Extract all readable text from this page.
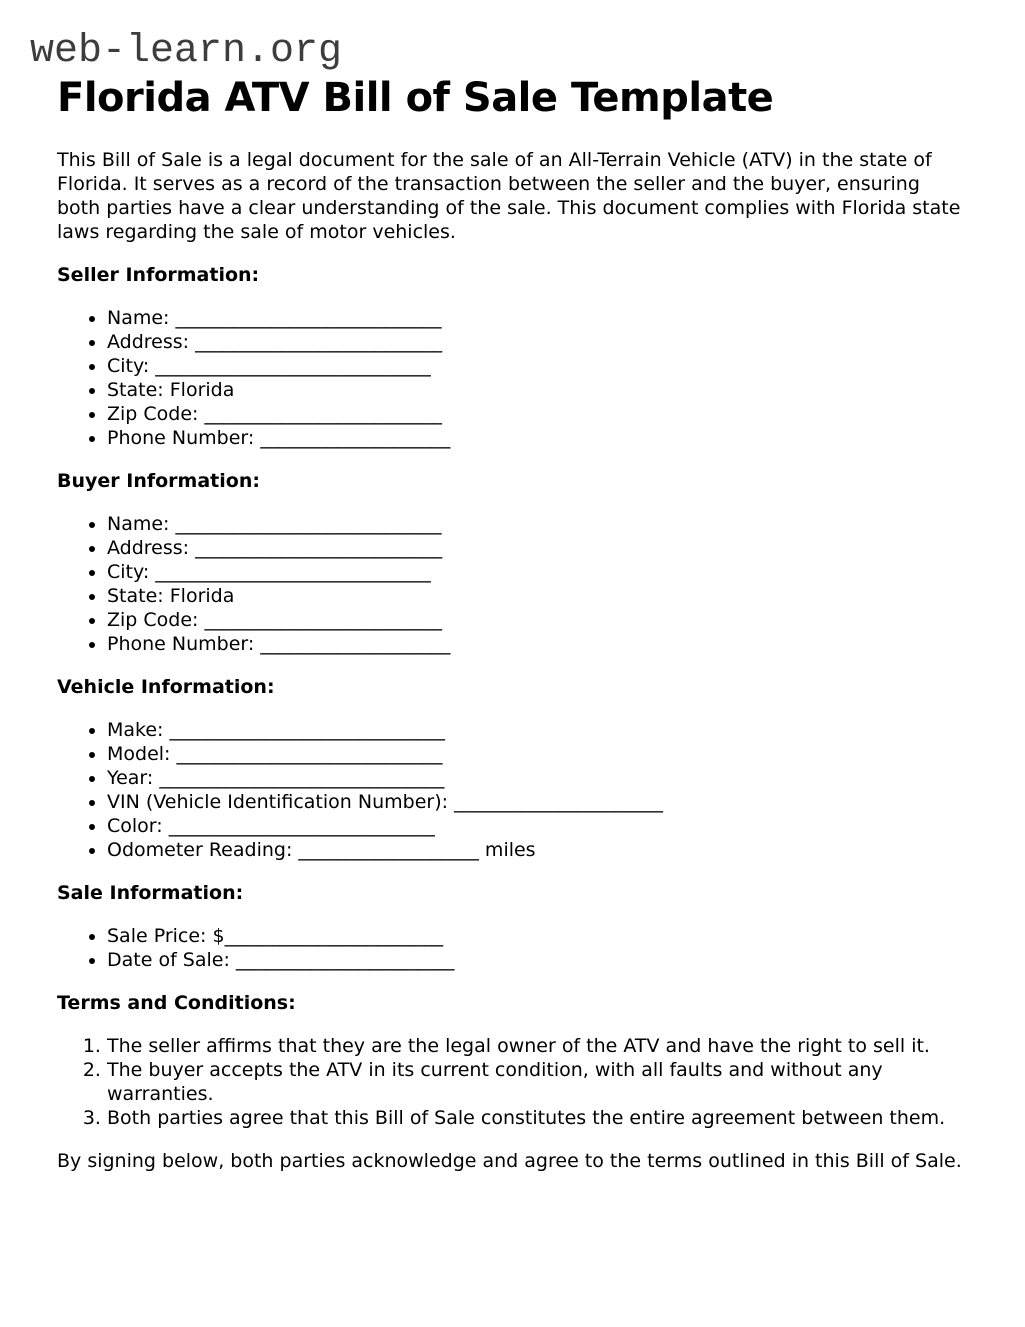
web-learn.org
Florida ATV Bill of Sale Template

This Bill of Sale is a legal document for the sale of an All-Terrain Vehicle (ATV) in the state of Florida. It serves as a record of the transaction between the seller and the buyer, ensuring both parties have a clear understanding of the sale. This document complies with Florida state laws regarding the sale of motor vehicles.

Seller Information:
• Name: ____________________________
• Address: __________________________
• City: _____________________________
• State: Florida
• Zip Code: _________________________
• Phone Number: ____________________
Buyer Information:
• Name: ____________________________
• Address: __________________________
• City: _____________________________
• State: Florida
• Zip Code: _________________________
• Phone Number: ____________________
Vehicle Information:
• Make: _____________________________
• Model: ____________________________
• Year: ______________________________
• VIN (Vehicle Identification Number): ______________________
• Color: ____________________________
• Odometer Reading: ___________________ miles
Sale Information:
• Sale Price: $_______________________
• Date of Sale: _______________________
Terms and Conditions:
1. The seller affirms that they are the legal owner of the ATV and have the right to sell it.
2. The buyer accepts the ATV in its current condition, with all faults and without any warranties.
3. Both parties agree that this Bill of Sale constitutes the entire agreement between them.

By signing below, both parties acknowledge and agree to the terms outlined in this Bill of Sale.
